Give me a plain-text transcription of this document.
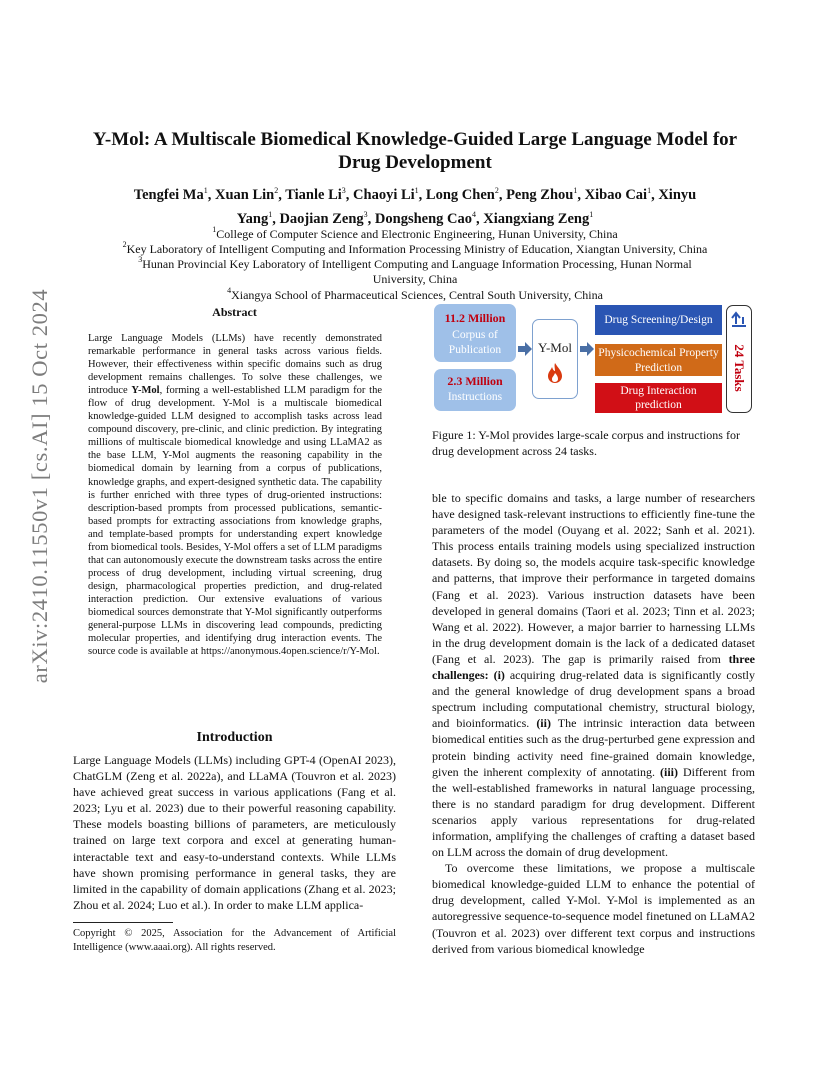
arXiv:2410.11550v1 [cs.AI] 15 Oct 2024
Y-Mol: A Multiscale Biomedical Knowledge-Guided Large Language Model for
Drug Development
Tengfei Ma$^1$, Xuan Lin$^2$, Tianle Li$^3$, Chaoyi Li$^1$, Long Chen$^2$, Peng Zhou$^1$, Xibao Cai$^1$, Xinyu
Yang$^1$, Daojian Zeng$^3$, Dongsheng Cao$^4$, Xiangxiang Zeng$^1$
$^1$College of Computer Science and Electronic Engineering, Hunan University, China
$^2$Key Laboratory of Intelligent Computing and Information Processing Ministry of Education, Xiangtan University, China
$^3$Hunan Provincial Key Laboratory of Intelligent Computing and Language Information Processing, Hunan Normal
University, China
$^4$Xiangya School of Pharmaceutical Sciences, Central South University, China
Abstract

Large Language Models (LLMs) have recently demonstrated remarkable performance in general tasks across various fields. However, their effectiveness within specific domains such as drug development remains challenges. To solve these challenges, we introduce Y-Mol, forming a well-established LLM paradigm for the flow of drug development. Y-Mol is a multiscale biomedical knowledge-guided LLM designed to accomplish tasks across lead compound discovery, pre-clinic, and clinic prediction. By integrating millions of multiscale biomedical knowledge and using LLaMA2 as the base LLM, Y-Mol augments the reasoning capability in the biomedical domain by learning from a corpus of publications, knowledge graphs, and expert-designed synthetic data. The capability is further enriched with three types of drug-oriented instructions: description-based prompts from processed publications, semantic-based prompts for extracting associations from knowledge graphs, and template-based prompts for understanding expert knowledge from biomedical tools. Besides, Y-Mol offers a set of LLM paradigms that can autonomously execute the downstream tasks across the entire process of drug development, including virtual screening, drug design, pharmacological properties prediction, and drug-related interaction prediction. Our extensive evaluations of various biomedical sources demonstrate that Y-Mol significantly outperforms general-purpose LLMs in discovering lead compounds, predicting molecular properties, and identifying drug interaction events. The source code is available at https://anonymous.4open.science/r/Y-Mol.

Introduction

Large Language Models (LLMs) including GPT-4 (OpenAI 2023), ChatGLM (Zeng et al. 2022a), and LLaMA (Touvron et al. 2023) have achieved great success in various applications (Fang et al. 2023; Lyu et al. 2023) due to their powerful reasoning capability. These models boasting billions of parameters, are meticulously trained on large text corpora and excel at generating human-interactable text and easy-to-understand contexts. While LLMs have shown promising performance in general tasks, they are limited in the capability of domain applications (Zhang et al. 2023; Zhou et al. 2024; Luo et al.). In order to make LLM applica-

Copyright © 2025, Association for the Advancement of Artificial Intelligence (www.aaai.org). All rights reserved.
11.2 Million
Corpus of
Publication
2.3 Million
Instructions
Y-Mol
Drug Screening/Design
Physicochemical Property
Prediction
Drug Interaction
prediction
24 Tasks
Figure 1: Y-Mol provides large-scale corpus and instructions for drug development across 24 tasks.

ble to specific domains and tasks, a large number of researchers have designed task-relevant instructions to efficiently fine-tune the parameters of the model (Ouyang et al. 2022; Sanh et al. 2021). This process entails training models using specialized instruction datasets. By doing so, the models acquire task-specific knowledge and patterns, that improve their performance in targeted domains (Fang et al. 2023). Various instruction datasets have been developed in general domains (Taori et al. 2023; Tinn et al. 2023; Wang et al. 2022). However, a major barrier to harnessing LLMs in the drug development domain is the lack of a dedicated dataset (Fang et al. 2023). The gap is primarily raised from three challenges: (i) acquiring drug-related data is significantly costly and the general knowledge of drug development spans a broad spectrum including computational chemistry, structural biology, and bioinformatics. (ii) The intrinsic interaction data between biomedical entities such as the drug-perturbed gene expression and protein binding activity need fine-grained domain knowledge, given the inherent complexity of annotating. (iii) Different from the well-established frameworks in natural language processing, there is no standard paradigm for drug development. Different scenarios apply various representations for drug-related information, amplifying the challenges of crafting a dataset based on LLM across the domain of drug development.

To overcome these limitations, we propose a multiscale biomedical knowledge-guided LLM to enhance the potential of drug development, called Y-Mol. Y-Mol is implemented as an autoregressive sequence-to-sequence model finetuned on LLaMA2 (Touvron et al. 2023) over different text corpus and instructions derived from various biomedical knowledge
